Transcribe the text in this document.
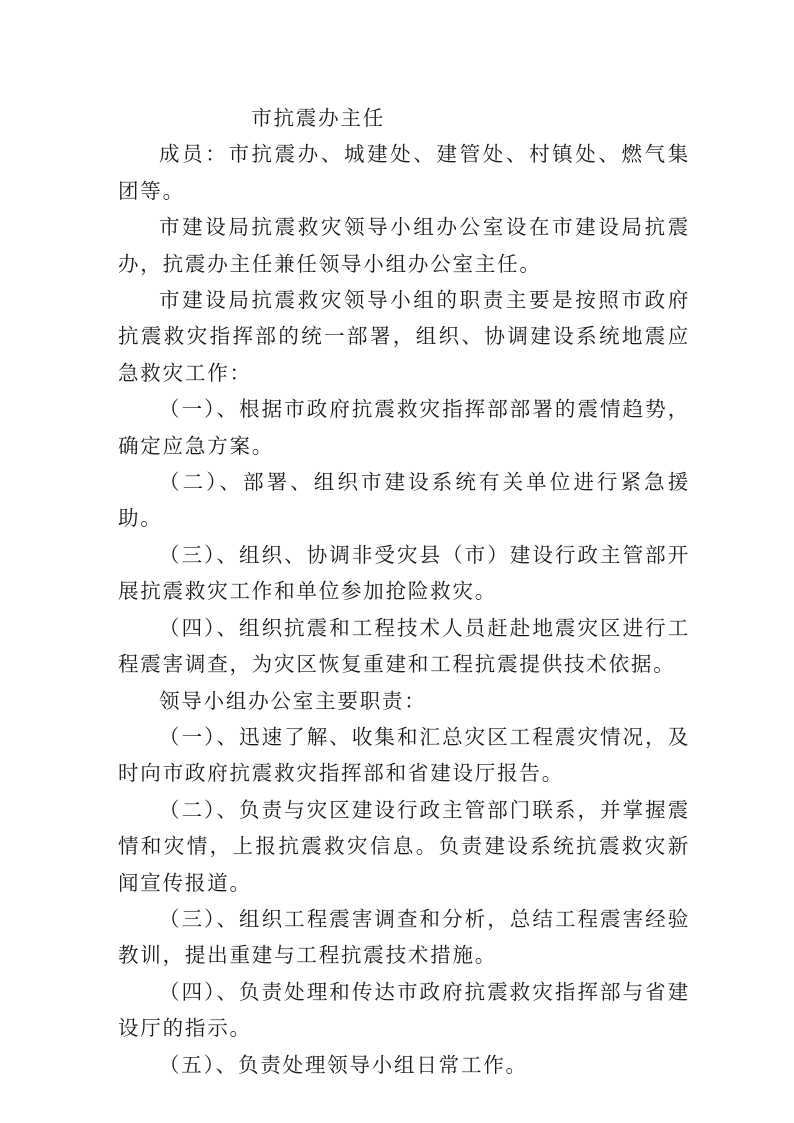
市抗震办主任

成员：市抗震办、城建处、建管处、村镇处、燃气集团等。

市建设局抗震救灾领导小组办公室设在市建设局抗震办，抗震办主任兼任领导小组办公室主任。

市建设局抗震救灾领导小组的职责主要是按照市政府抗震救灾指挥部的统一部署，组织、协调建设系统地震应急救灾工作：

（一）、根据市政府抗震救灾指挥部部署的震情趋势，确定应急方案。

（二）、部署、组织市建设系统有关单位进行紧急援助。

（三）、组织、协调非受灾县（市）建设行政主管部开展抗震救灾工作和单位参加抢险救灾。

（四）、组织抗震和工程技术人员赶赴地震灾区进行工程震害调查，为灾区恢复重建和工程抗震提供技术依据。

领导小组办公室主要职责：

（一）、迅速了解、收集和汇总灾区工程震灾情况，及时向市政府抗震救灾指挥部和省建设厅报告。

（二）、负责与灾区建设行政主管部门联系，并掌握震情和灾情，上报抗震救灾信息。负责建设系统抗震救灾新闻宣传报道。

（三）、组织工程震害调查和分析，总结工程震害经验教训，提出重建与工程抗震技术措施。

（四）、负责处理和传达市政府抗震救灾指挥部与省建设厅的指示。

（五）、负责处理领导小组日常工作。
